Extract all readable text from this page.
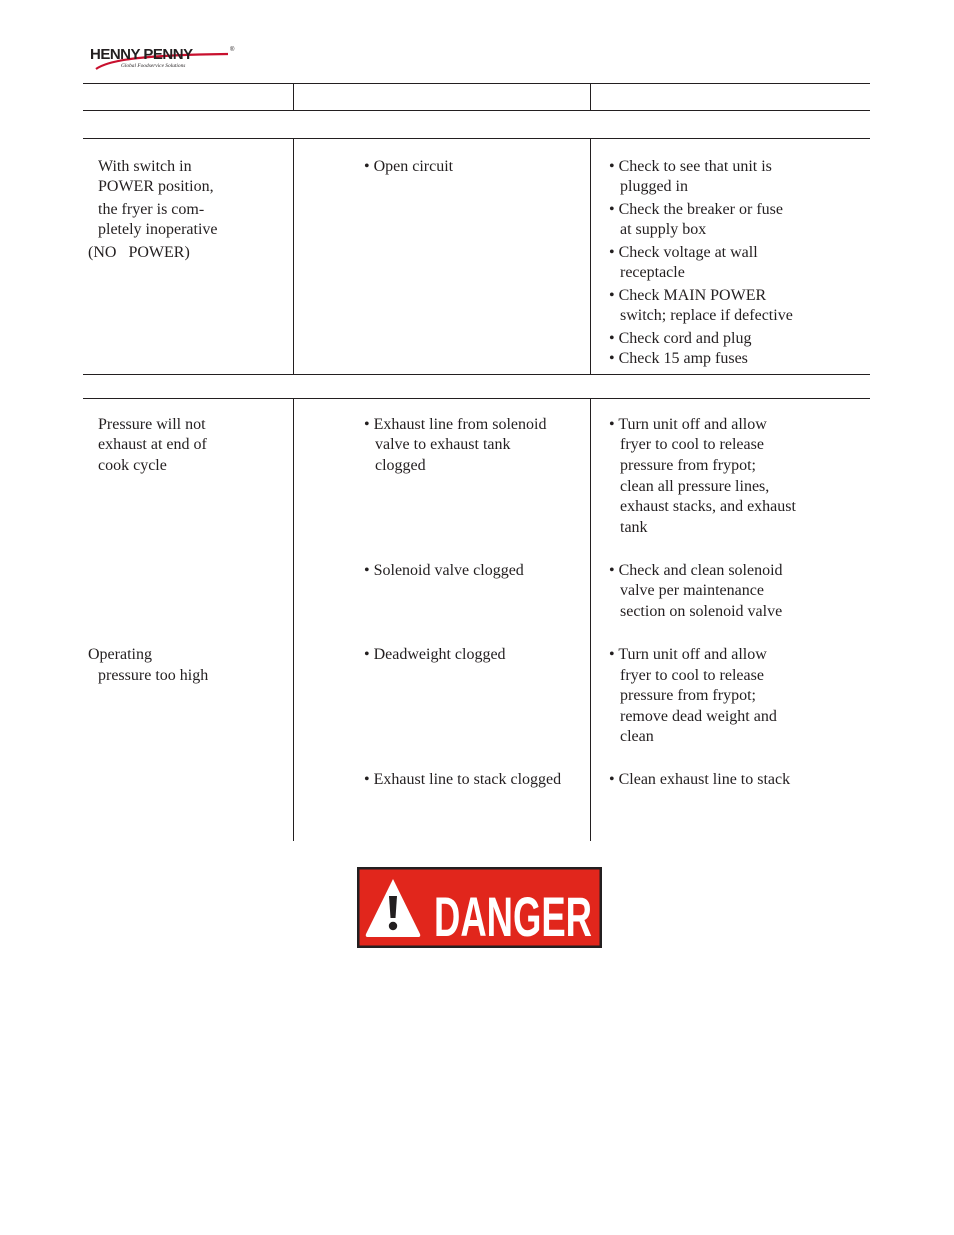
HENNY PENNY	®
Global Foodservice Solutions
With switch in
POWER position,
the fryer is com-
pletely inoperative
(NO   POWER)
• Open circuit	• Check to see that unit is
plugged in
• Check the breaker or fuse
at supply box
• Check voltage at wall
receptacle
• Check MAIN POWER
switch; replace if defective
• Check cord and plug
• Check 15 amp fuses
Pressure will not
exhaust at end of
cook cycle
Operating
pressure too high
• Exhaust line from solenoid
valve to exhaust tank
clogged
• Solenoid valve clogged
• Deadweight clogged
• Exhaust line to stack clogged
• Turn unit off and allow
fryer to cool to release
pressure from frypot;
clean all pressure lines,
exhaust stacks, and exhaust
tank
• Check and clean solenoid
valve per maintenance
section on solenoid valve
• Turn unit off and allow
fryer to cool to release
pressure from frypot;
remove dead weight and
clean
• Clean exhaust line to stack
DANGER
